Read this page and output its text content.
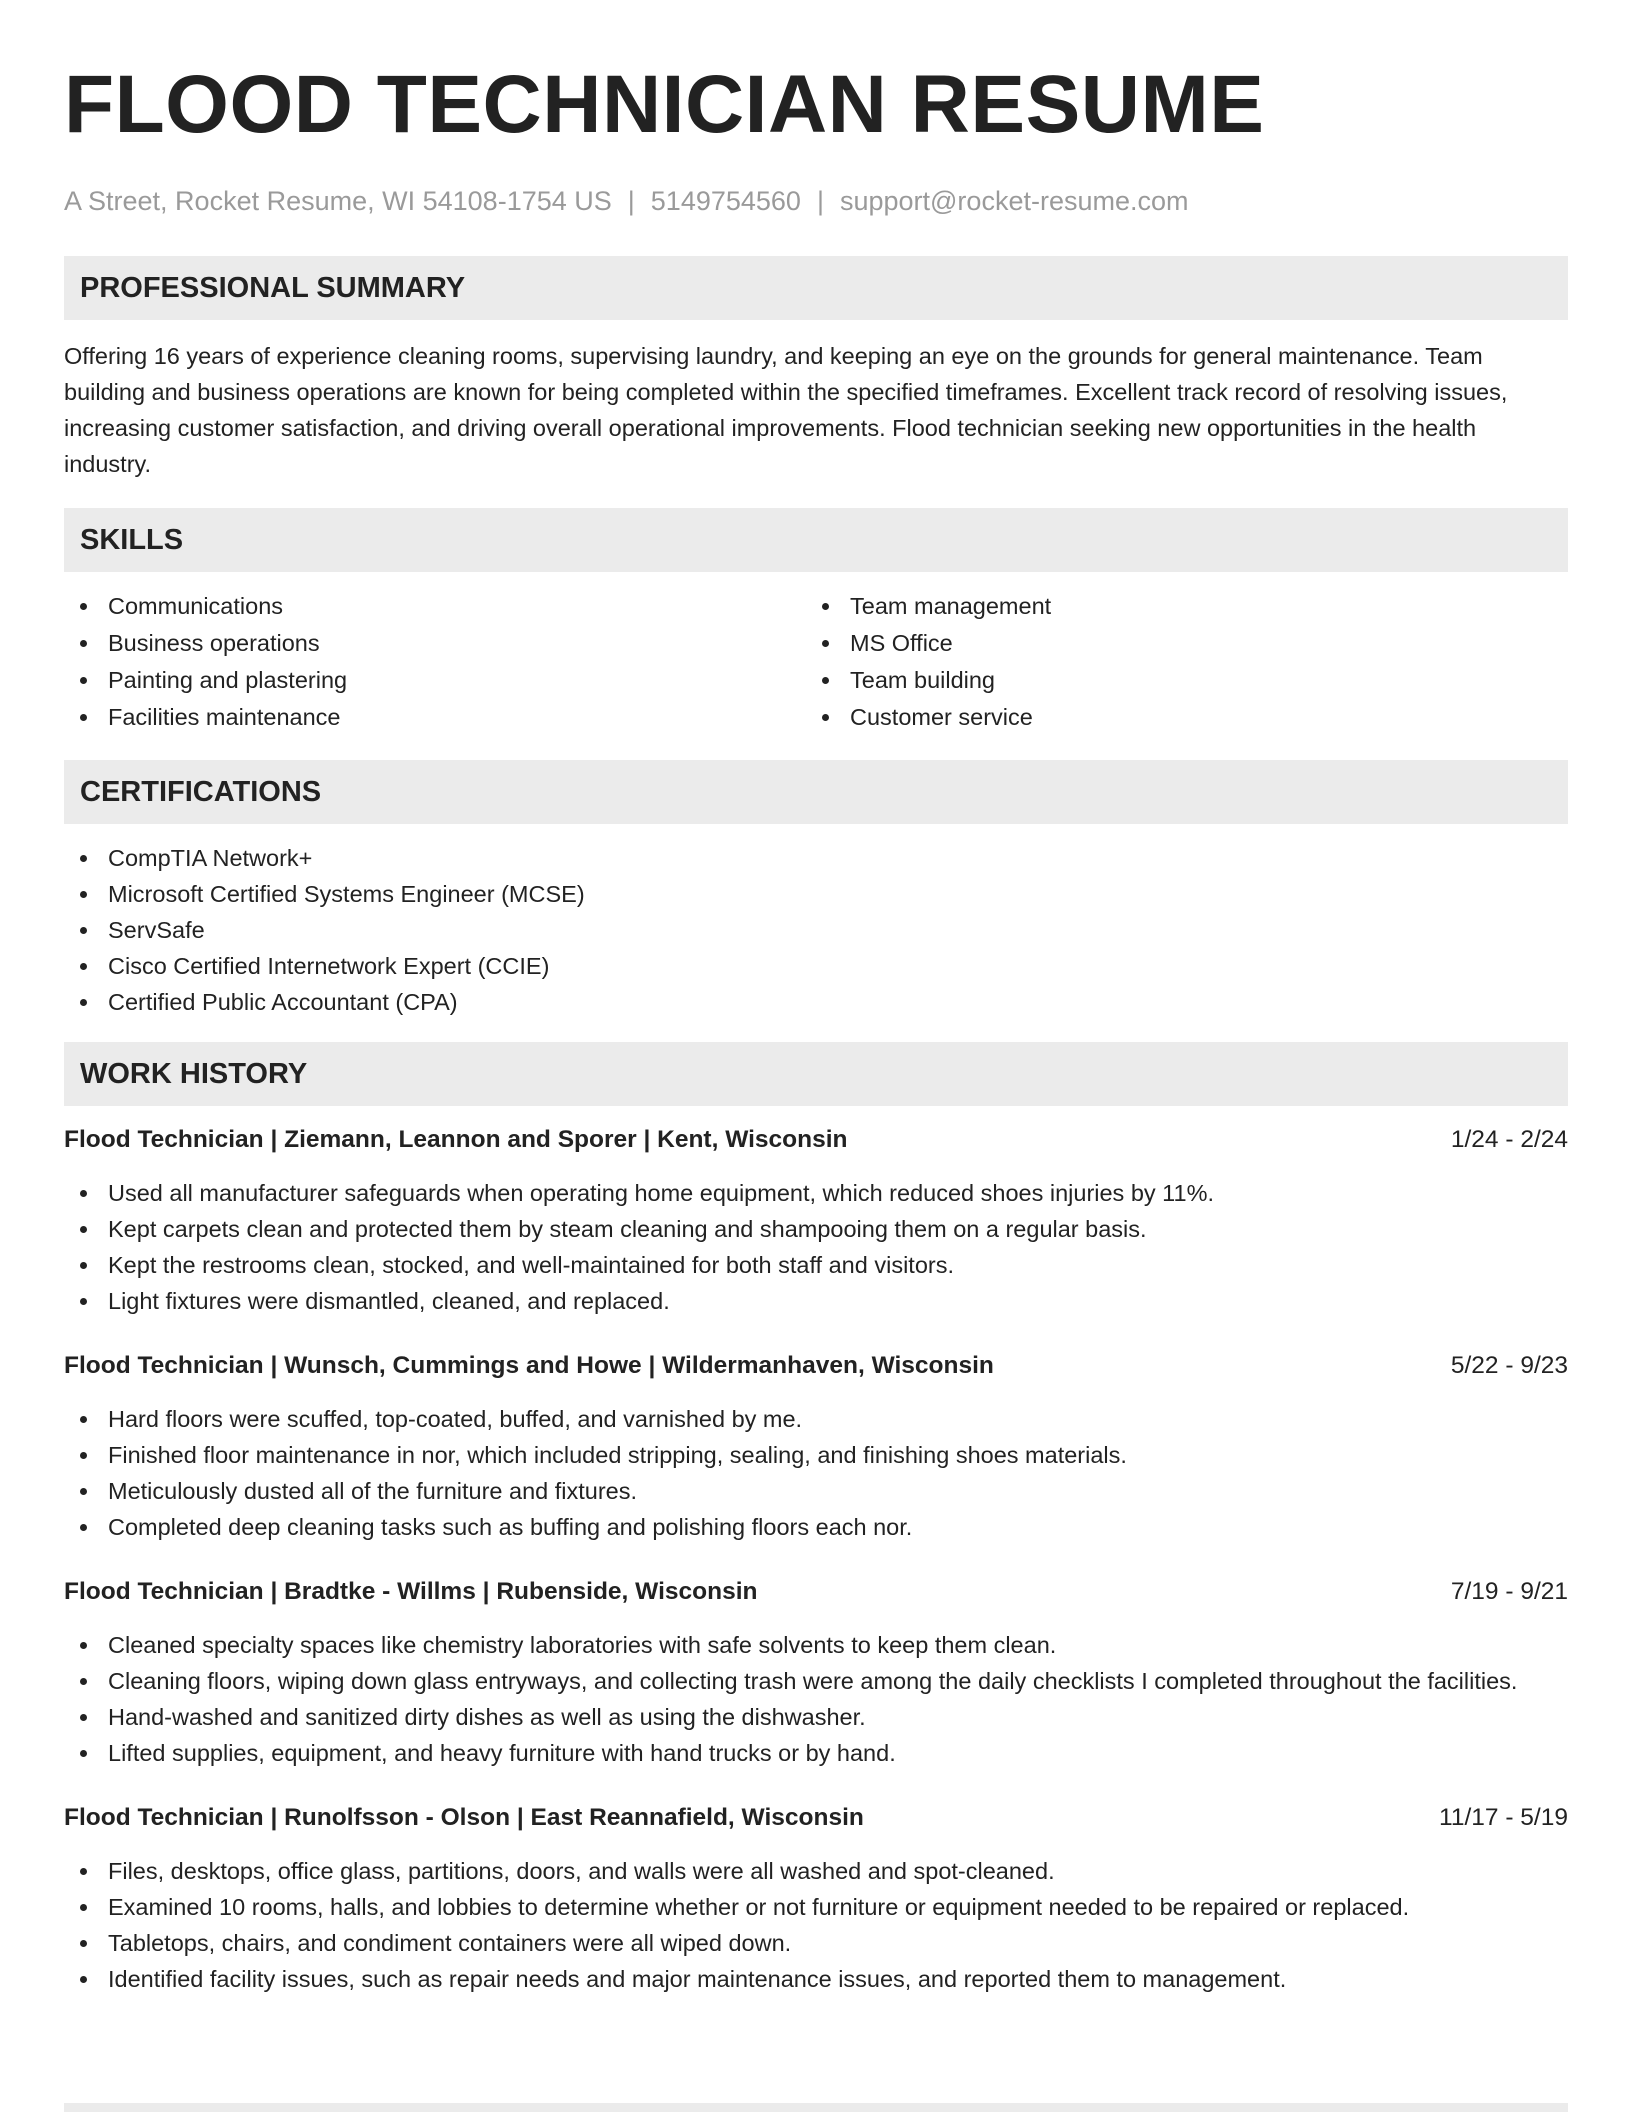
FLOOD TECHNICIAN RESUME
A Street, Rocket Resume, WI 54108-1754 US | 5149754560 | support@rocket-resume.com
PROFESSIONAL SUMMARY

Offering 16 years of experience cleaning rooms, supervising laundry, and keeping an eye on the grounds for general maintenance. Team building and business operations are known for being completed within the specified timeframes. Excellent track record of resolving issues, increasing customer satisfaction, and driving overall operational improvements. Flood technician seeking new opportunities in the health industry.

SKILLS
Communications
Business operations
Painting and plastering
Facilities maintenance
Team management
MS Office
Team building
Customer service
CERTIFICATIONS
CompTIA Network+
Microsoft Certified Systems Engineer (MCSE)
ServSafe
Cisco Certified Internetwork Expert (CCIE)
Certified Public Accountant (CPA)
WORK HISTORY
Flood Technician | Ziemann, Leannon and Sporer | Kent, Wisconsin	1/24 - 2/24
Used all manufacturer safeguards when operating home equipment, which reduced shoes injuries by 11%.
Kept carpets clean and protected them by steam cleaning and shampooing them on a regular basis.
Kept the restrooms clean, stocked, and well-maintained for both staff and visitors.
Light fixtures were dismantled, cleaned, and replaced.
Flood Technician | Wunsch, Cummings and Howe | Wildermanhaven, Wisconsin	5/22 - 9/23
Hard floors were scuffed, top-coated, buffed, and varnished by me.
Finished floor maintenance in nor, which included stripping, sealing, and finishing shoes materials.
Meticulously dusted all of the furniture and fixtures.
Completed deep cleaning tasks such as buffing and polishing floors each nor.
Flood Technician | Bradtke - Willms | Rubenside, Wisconsin	7/19 - 9/21
Cleaned specialty spaces like chemistry laboratories with safe solvents to keep them clean.
Cleaning floors, wiping down glass entryways, and collecting trash were among the daily checklists I completed throughout the facilities.
Hand-washed and sanitized dirty dishes as well as using the dishwasher.
Lifted supplies, equipment, and heavy furniture with hand trucks or by hand.
Flood Technician | Runolfsson - Olson | East Reannafield, Wisconsin	11/17 - 5/19
Files, desktops, office glass, partitions, doors, and walls were all washed and spot-cleaned.
Examined 10 rooms, halls, and lobbies to determine whether or not furniture or equipment needed to be repaired or replaced.
Tabletops, chairs, and condiment containers were all wiped down.
Identified facility issues, such as repair needs and major maintenance issues, and reported them to management.
